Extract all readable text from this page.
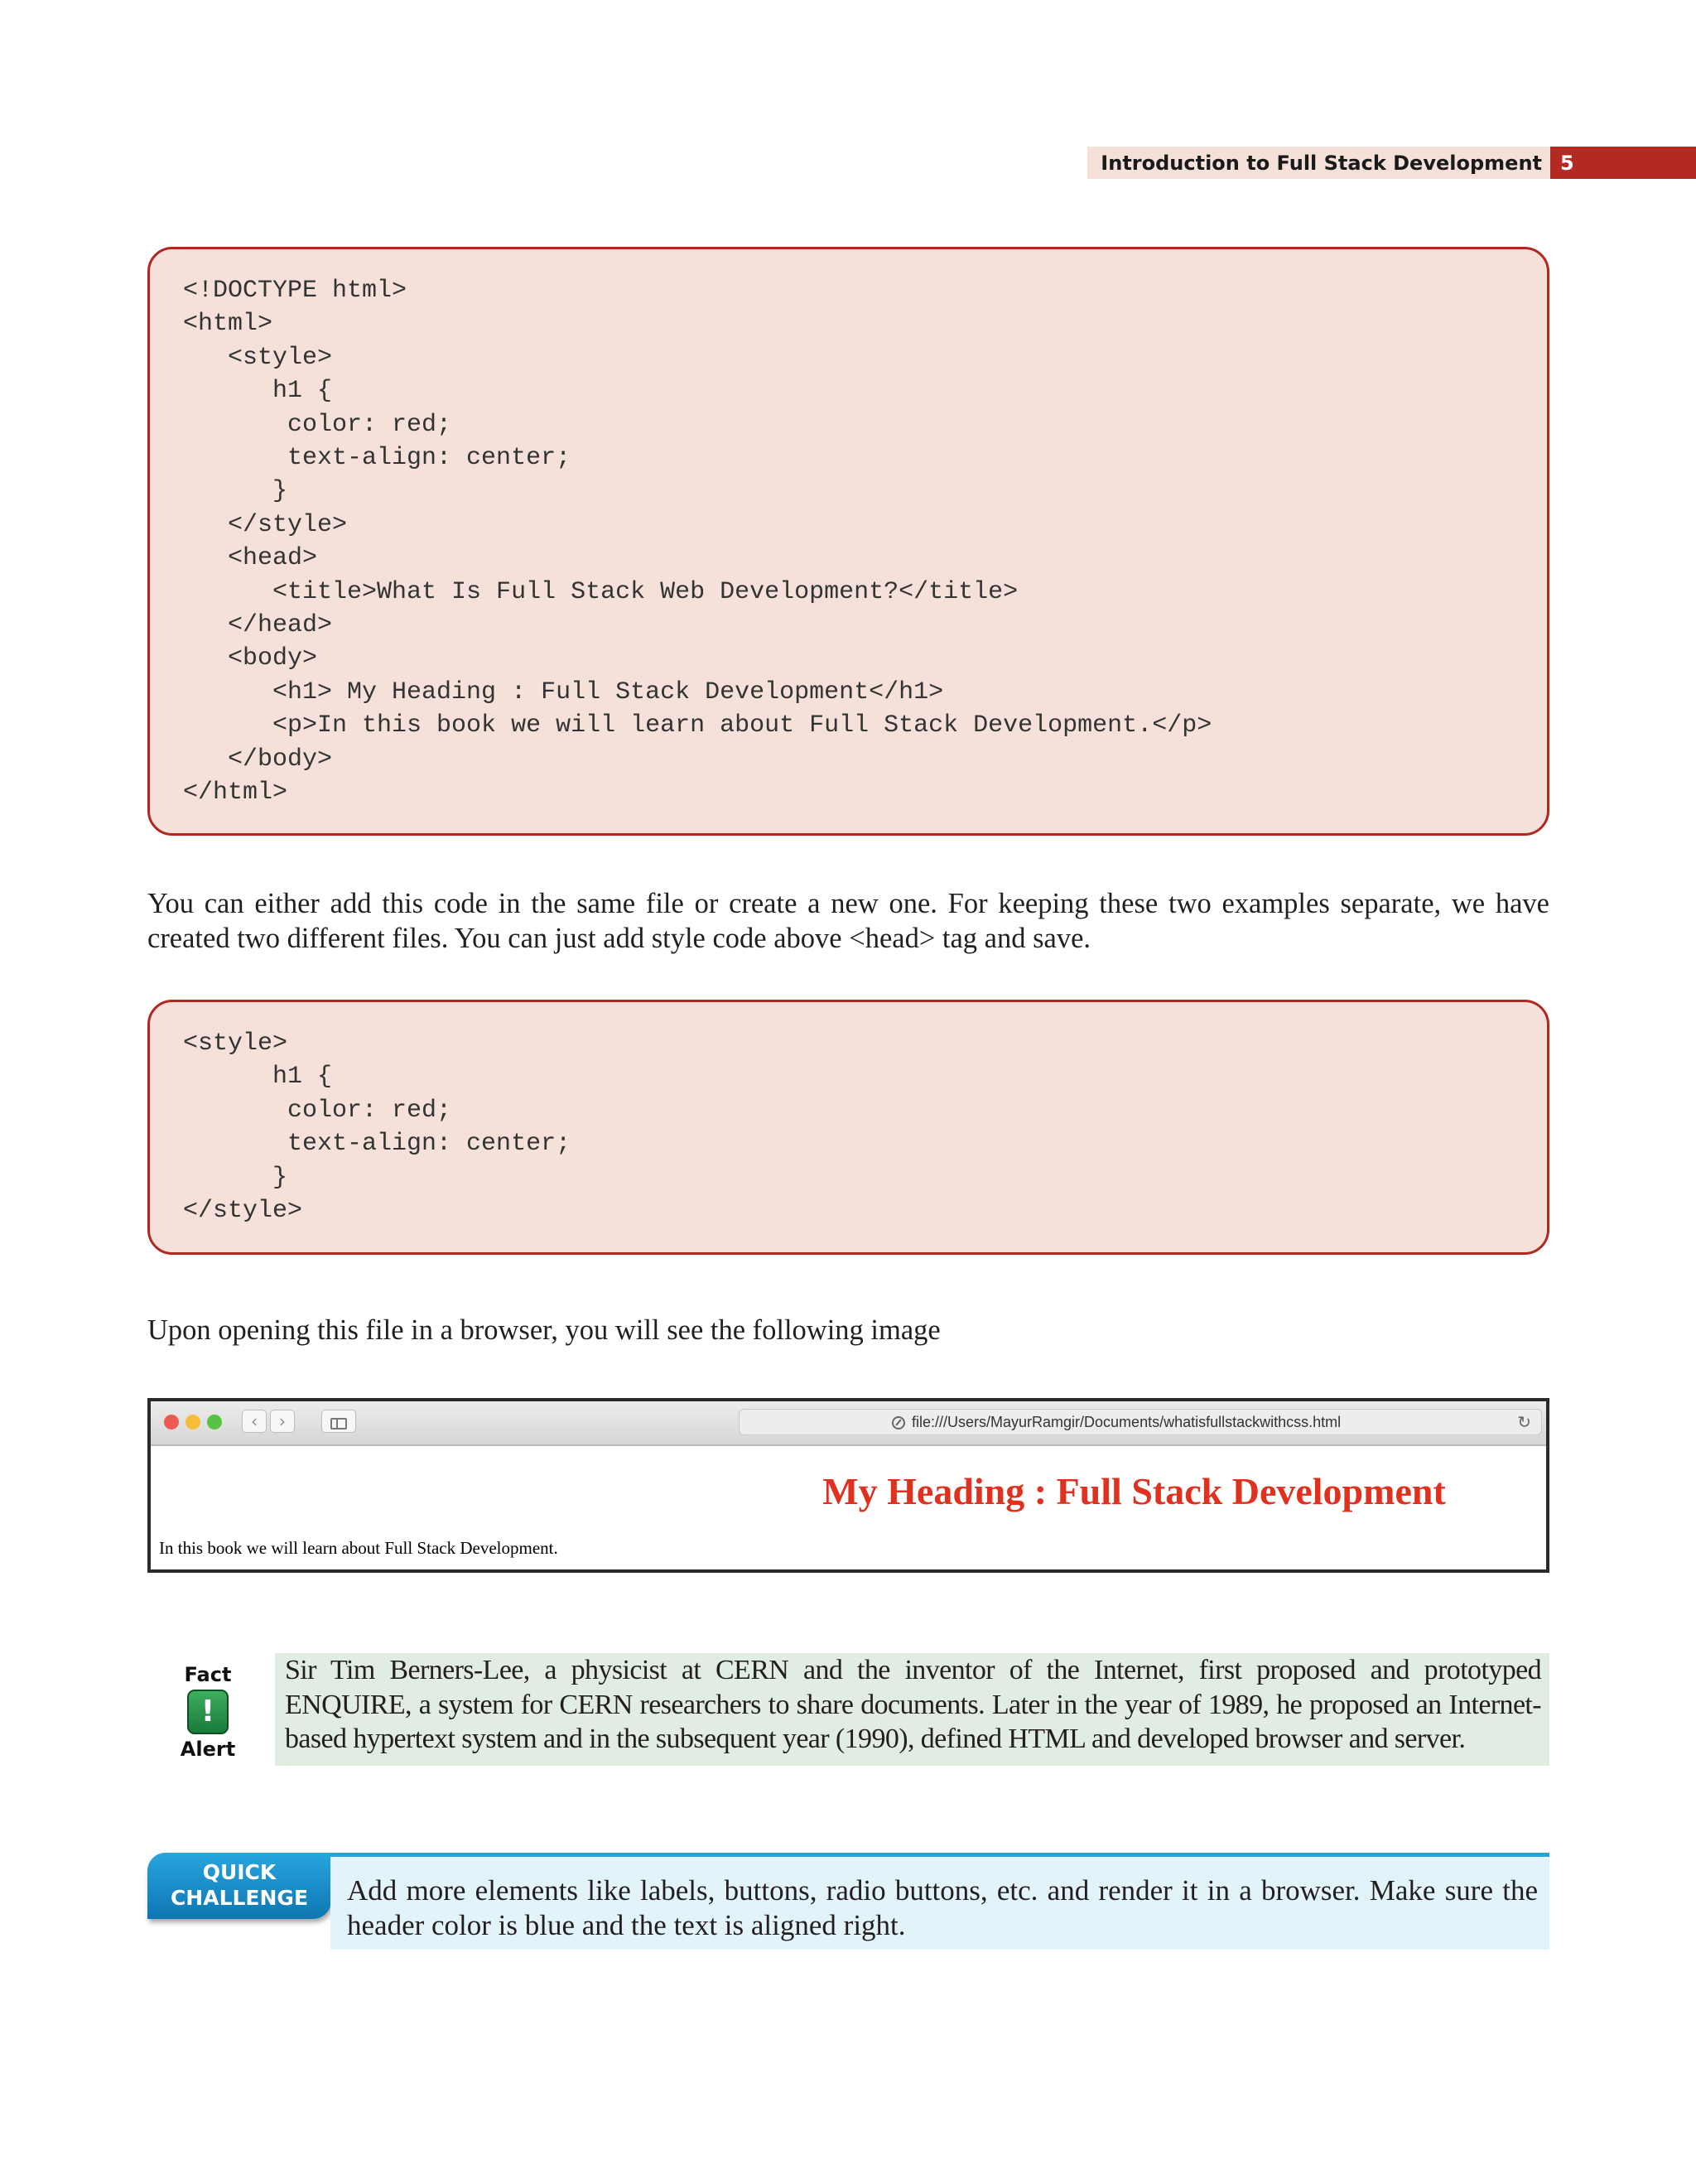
Introduction to Full Stack Development 5
<!DOCTYPE html>
<html>
<style>
h1 {
color: red;
text-align: center;
}
</style>
<head>
<title>What Is Full Stack Web Development?</title>
</head>
<body>
<h1> My Heading : Full Stack Development</h1>
<p>In this book we will learn about Full Stack Development.</p>
</body>
</html>

You can either add this code in the same file or create a new one. For keeping these two examples separate, we have created two different files. You can just add style code above <head> tag and save.

<style>
h1 {
color: red;
text-align: center;
}
</style>

Upon opening this file in a browser, you will see the following image

‹	›	file:///Users/MayurRamgir/Documents/whatisfullstackwithcss.html	↻
My Heading : Full Stack Development

In this book we will learn about Full Stack Development.

Fact
!
Alert
Sir Tim Berners-Lee, a physicist at CERN and the inventor of the Internet, first proposed and prototyped ENQUIRE, a system for CERN researchers to share documents. Later in the year of 1989, he proposed an Internet-based hypertext system and in the subsequent year (1990), defined HTML and developed browser and server.
QUICK
CHALLENGE	Add more elements like labels, buttons, radio buttons, etc. and render it in a browser. Make sure the header color is blue and the text is aligned right.
